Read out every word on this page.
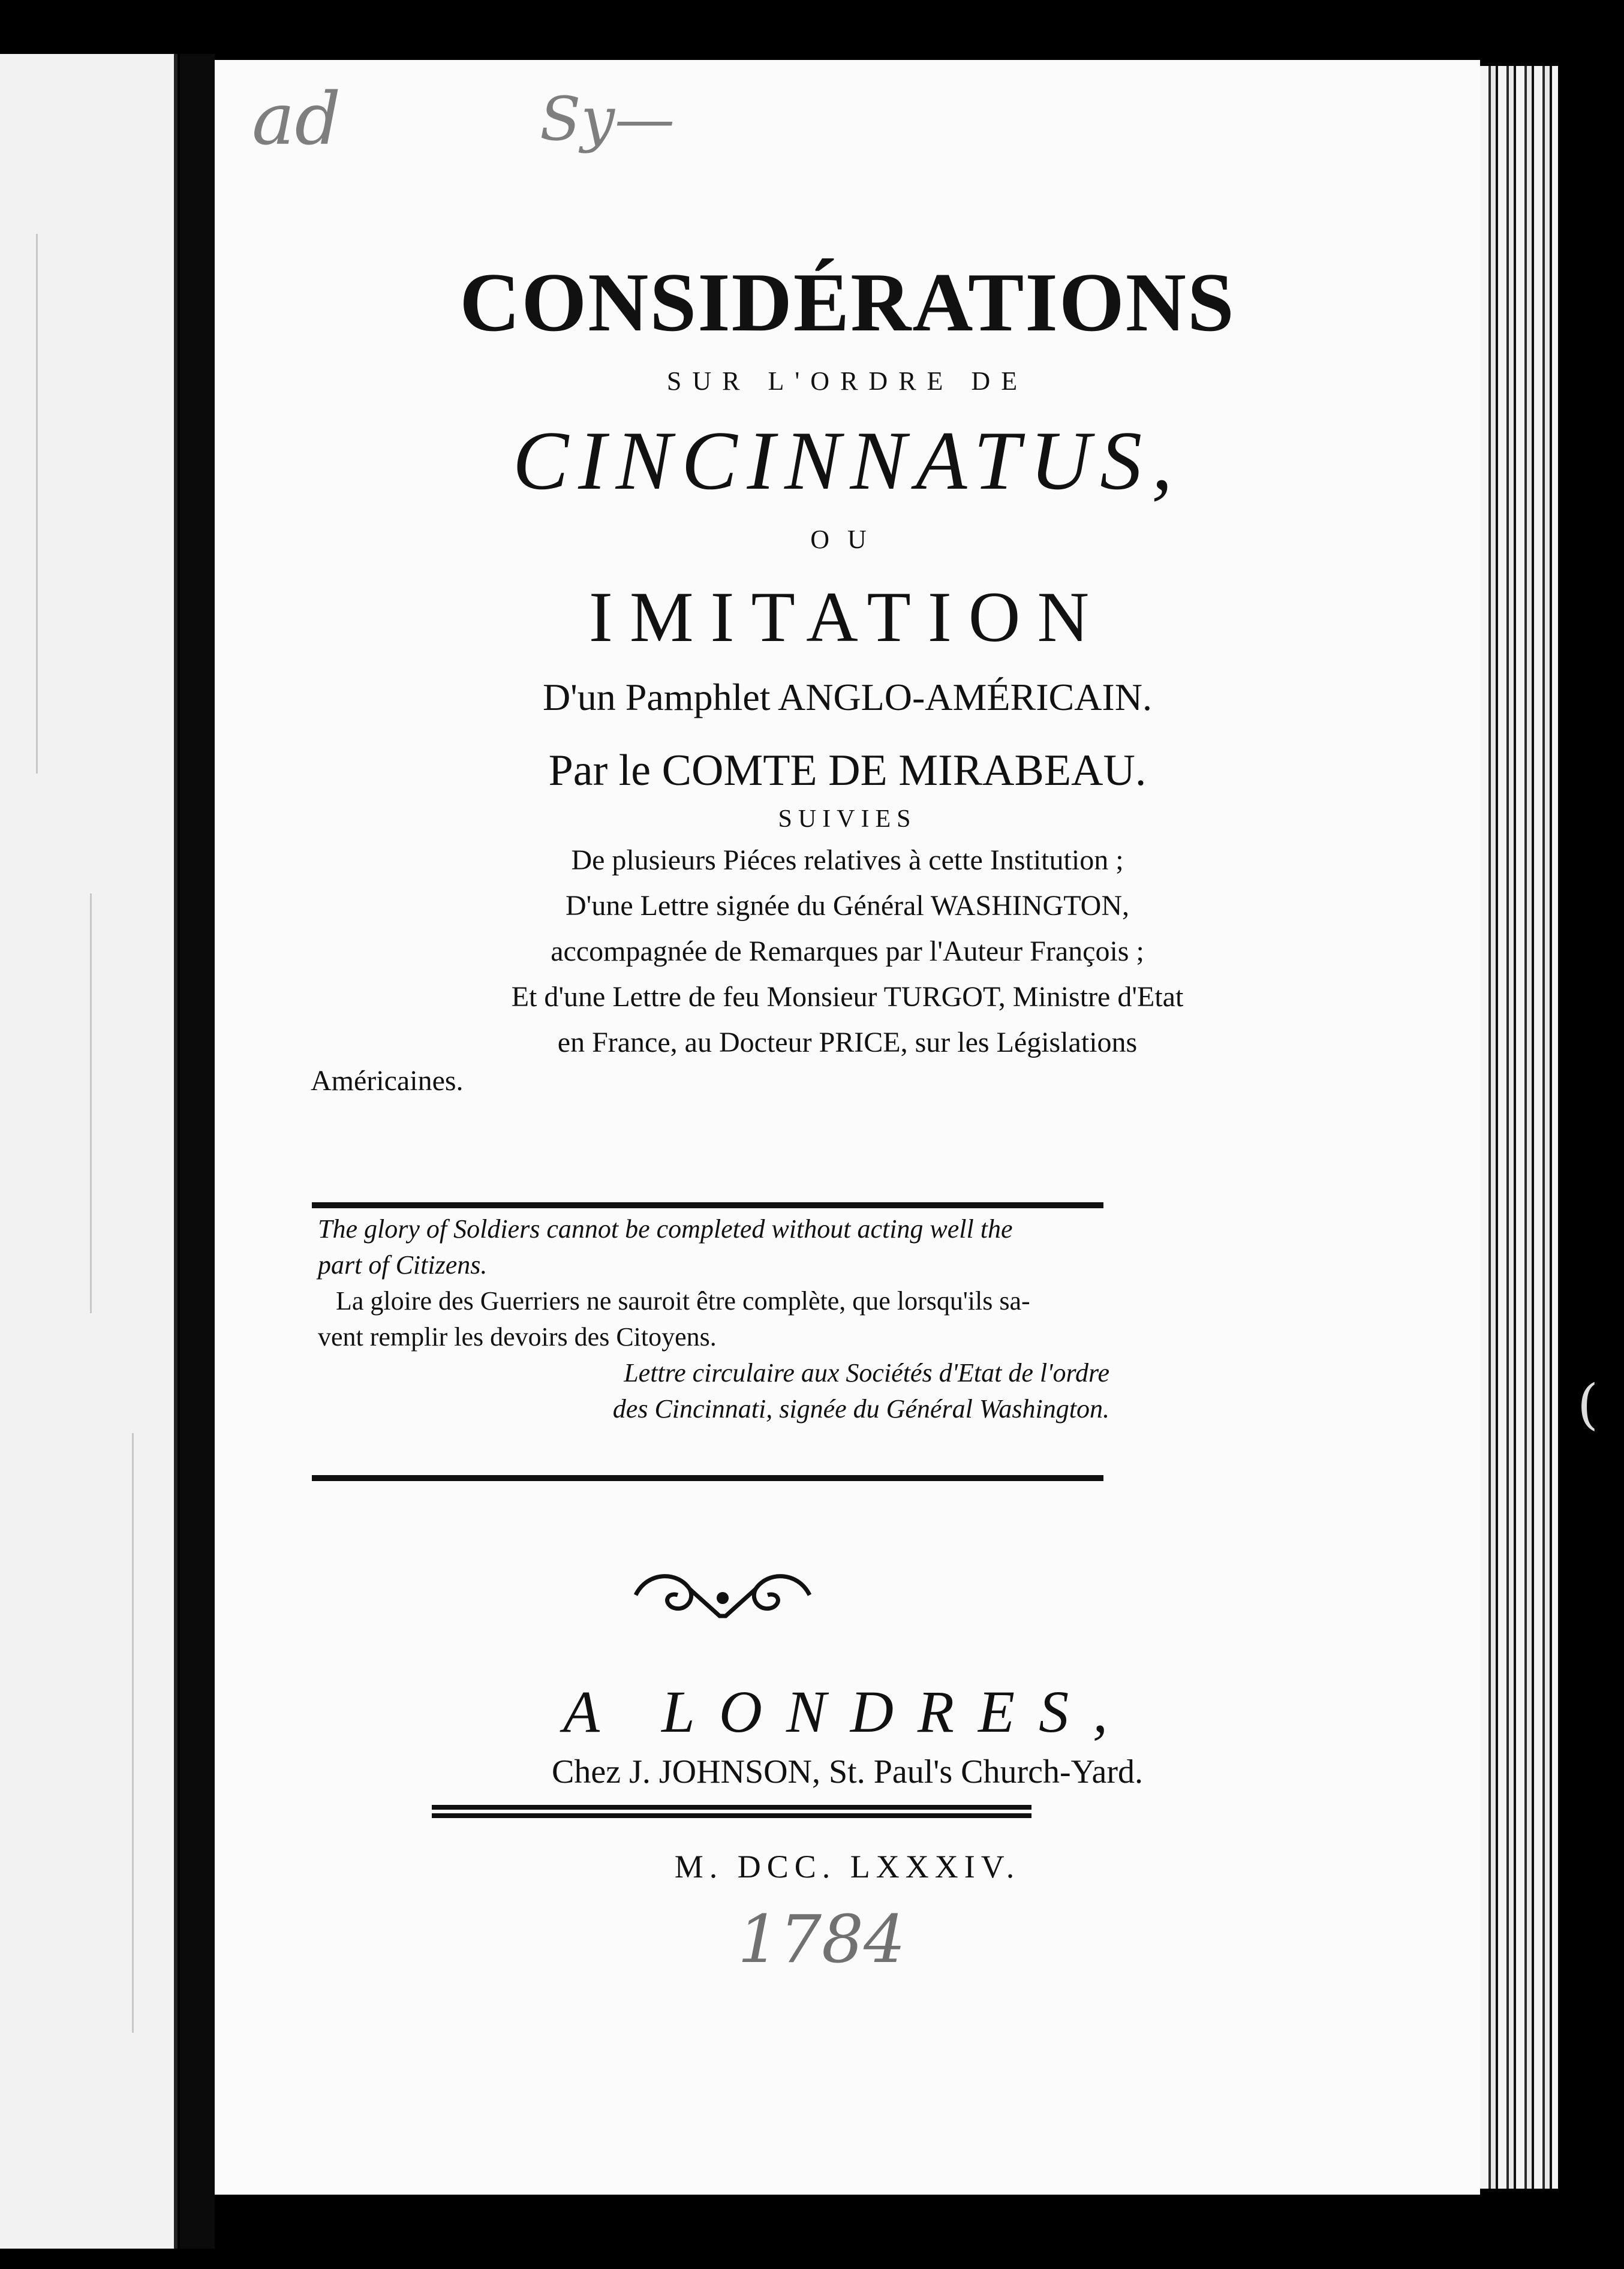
ad	Sy—

CONSIDÉRATIONS

SUR L'ORDRE DE

CINCINNATUS,

OU

IMITATION

D'un Pamphlet ANGLO-AMÉRICAIN.

Par le COMTE DE MIRABEAU.

SUIVIES

De plusieurs Piéces relatives à cette Institution ;

D'une Lettre signée du Général WASHINGTON,

accompagnée de Remarques par l'Auteur François ;

Et d'une Lettre de feu Monsieur TURGOT, Ministre d'Etat

en France, au Docteur PRICE, sur les Législations

Américaines.

The glory of Soldiers cannot be completed without acting well the

part of Citizens.

La gloire des Guerriers ne sauroit être complète, que lorsqu'ils sa-

vent remplir les devoirs des Citoyens.

Lettre circulaire aux Sociétés d'Etat de l'ordre

des Cincinnati, signée du Général Washington.

A LONDRES,
Chez J. JOHNSON, St. Paul's Church-Yard.
M. DCC. LXXXIV.
1784
(
